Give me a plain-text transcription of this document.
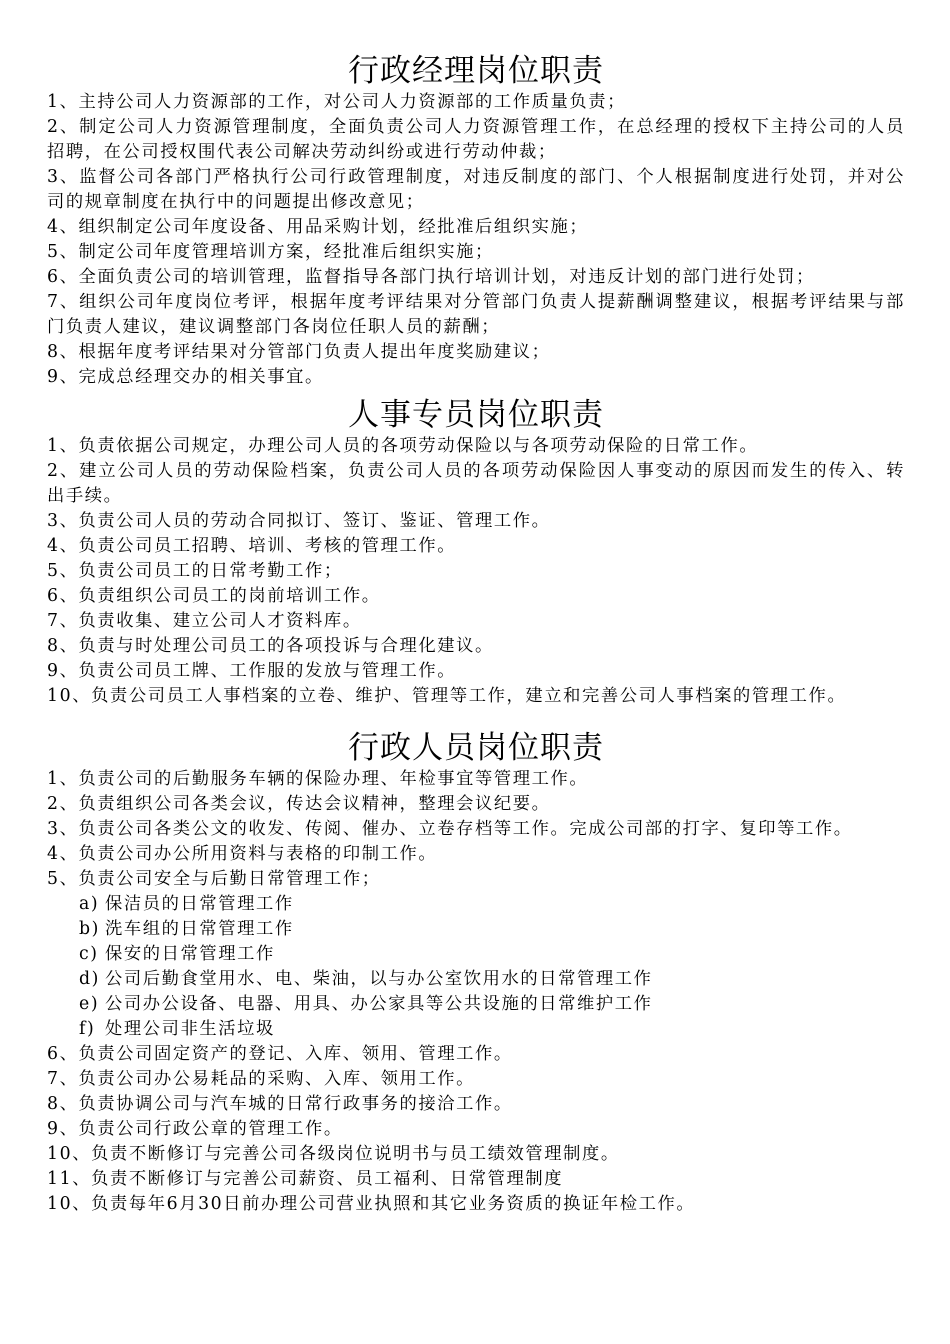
行政经理岗位职责
1、主持公司人力资源部的工作，对公司人力资源部的工作质量负责；
2、制定公司人力资源管理制度，全面负责公司人力资源管理工作，在总经理的授权下主持公司的人员招聘，在公司授权围代表公司解决劳动纠纷或进行劳动仲裁；
3、监督公司各部门严格执行公司行政管理制度，对违反制度的部门、个人根据制度进行处罚，并对公司的规章制度在执行中的问题提出修改意见；
4、组织制定公司年度设备、用品采购计划，经批准后组织实施；
5、制定公司年度管理培训方案，经批准后组织实施；
6、全面负责公司的培训管理，监督指导各部门执行培训计划，对违反计划的部门进行处罚；
7、组织公司年度岗位考评，根据年度考评结果对分管部门负责人提薪酬调整建议，根据考评结果与部门负责人建议，建议调整部门各岗位任职人员的薪酬；
8、根据年度考评结果对分管部门负责人提出年度奖励建议；
9、完成总经理交办的相关事宜。
人事专员岗位职责
1、负责依据公司规定，办理公司人员的各项劳动保险以与各项劳动保险的日常工作。
2、建立公司人员的劳动保险档案，负责公司人员的各项劳动保险因人事变动的原因而发生的传入、转出手续。
3、负责公司人员的劳动合同拟订、签订、鉴证、管理工作。
4、负责公司员工招聘、培训、考核的管理工作。
5、负责公司员工的日常考勤工作；
6、负责组织公司员工的岗前培训工作。
7、负责收集、建立公司人才资料库。
8、负责与时处理公司员工的各项投诉与合理化建议。
9、负责公司员工牌、工作服的发放与管理工作。
10、负责公司员工人事档案的立卷、维护、管理等工作，建立和完善公司人事档案的管理工作。
行政人员岗位职责
1、负责公司的后勤服务车辆的保险办理、年检事宜等管理工作。
2、负责组织公司各类会议，传达会议精神，整理会议纪要。
3、负责公司各类公文的收发、传阅、催办、立卷存档等工作。完成公司部的打字、复印等工作。
4、负责公司办公所用资料与表格的印制工作。
5、负责公司安全与后勤日常管理工作；
a) 保洁员的日常管理工作
b) 洗车组的日常管理工作
c) 保安的日常管理工作
d) 公司后勤食堂用水、电、柴油，以与办公室饮用水的日常管理工作
e) 公司办公设备、电器、用具、办公家具等公共设施的日常维护工作
f) 处理公司非生活垃圾
6、负责公司固定资产的登记、入库、领用、管理工作。
7、负责公司办公易耗品的采购、入库、领用工作。
8、负责协调公司与汽车城的日常行政事务的接洽工作。
9、负责公司行政公章的管理工作。
10、负责不断修订与完善公司各级岗位说明书与员工绩效管理制度。
11、负责不断修订与完善公司薪资、员工福利、日常管理制度
10、负责每年6月30日前办理公司营业执照和其它业务资质的换证年检工作。
